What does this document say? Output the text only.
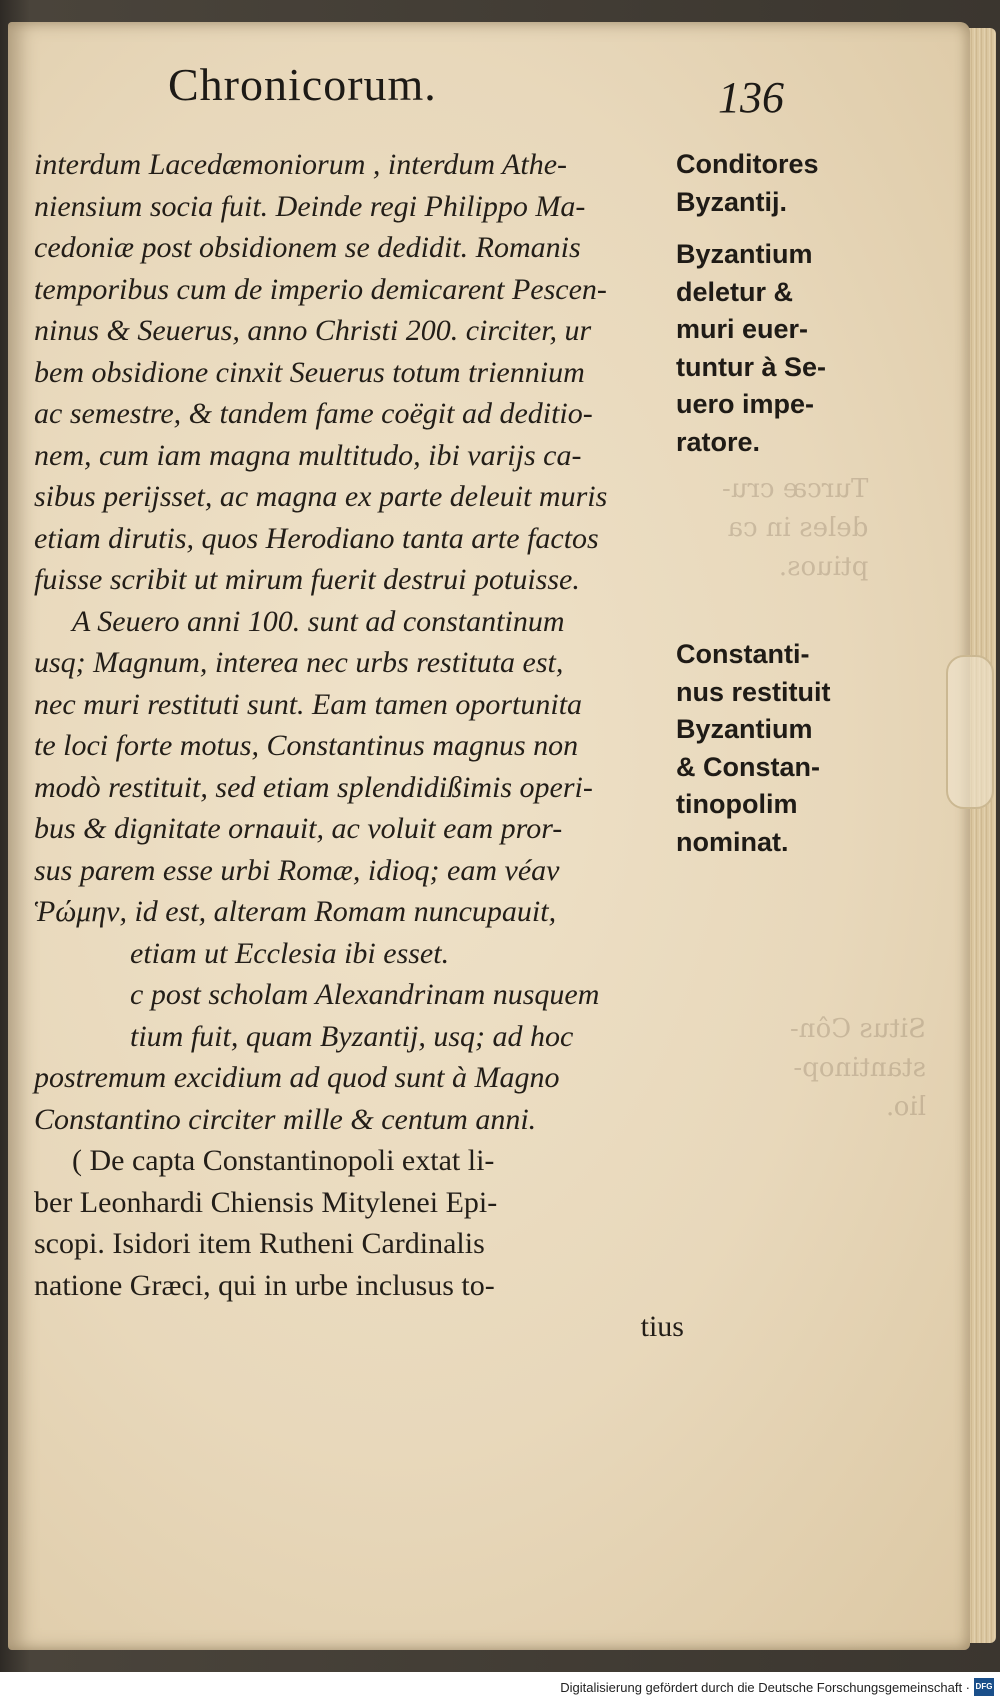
Turcæ cru-
deles in ca
ptiuos.
Situs Côn-
stantinop-
lio.
Chronicorum.	136
interdum Lacedæmoniorum , interdum Athe-
niensium socia fuit. Deinde regi Philippo Ma-
cedoniæ post obsidionem se dedidit. Romanis
temporibus cum de imperio demicarent Pescen-
ninus & Seuerus, anno Christi 200. circiter, ur
bem obsidione cinxit Seuerus totum triennium
ac semestre, & tandem fame coëgit ad deditio-
nem, cum iam magna multitudo, ibi varijs ca-
sibus perijsset, ac magna ex parte deleuit muris
etiam dirutis, quos Herodiano tanta arte factos
fuisse scribit ut mirum fuerit destrui potuisse.
A Seuero anni 100. sunt ad constantinum
usq; Magnum, interea nec urbs restituta est,
nec muri restituti sunt. Eam tamen oportunita
te loci forte motus, Constantinus magnus non
modò restituit, sed etiam splendidißimis operi-
bus & dignitate ornauit, ac voluit eam pror-
sus parem esse urbi Romæ, idioq; eam véav
Ῥώμην, id est, alteram Romam nuncupauit,
etiam ut Ecclesia ibi esset.
c post scholam Alexandrinam nusquem
tium fuit, quam Byzantij, usq; ad hoc
postremum excidium ad quod sunt à Magno
Constantino circiter mille & centum anni.
( De capta Constantinopoli extat li-
ber Leonhardi Chiensis Mitylenei Epi-
scopi. Isidori item Rutheni Cardinalis
natione Græci, qui in urbe inclusus to-
tius
Conditores
Byzantij.
Byzantium
deletur &
muri euer-
tuntur à Se-
uero impe-
ratore.
Constanti-
nus restituit
Byzantium
& Constan-
tinopolim
nominat.
Digitalisierung gefördert durch die Deutsche Forschungsgemeinschaft · DFG
